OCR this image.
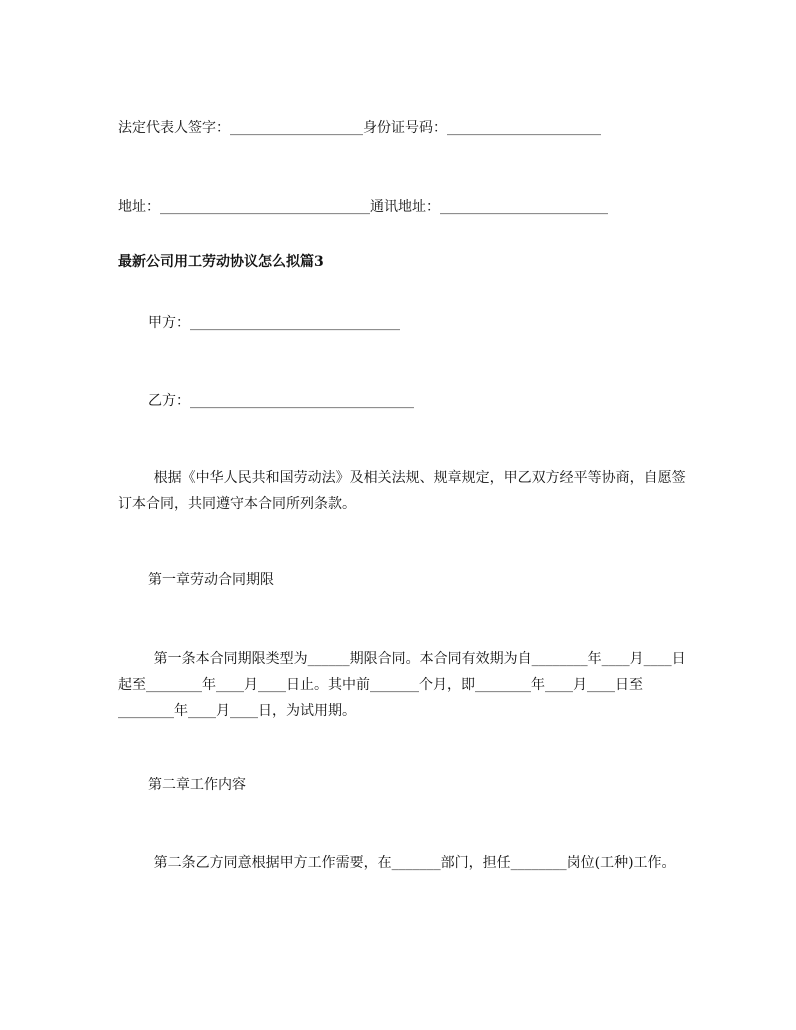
法定代表人签字：___________________身份证号码：______________________
地址：______________________________通讯地址：________________________
最新公司用工劳动协议怎么拟篇3
甲方：______________________________
乙方：________________________________
根据《中华人民共和国劳动法》及相关法规、规章规定，甲乙双方经平等协商，自愿签订本合同，共同遵守本合同所列条款。
第一章劳动合同期限
第一条本合同期限类型为______期限合同。本合同有效期为自________年____月____日起至________年____月____日止。其中前_______个月，即________年____月____日至________年____月____日，为试用期。
第二章工作内容
第二条乙方同意根据甲方工作需要，在_______部门，担任________岗位(工种)工作。
